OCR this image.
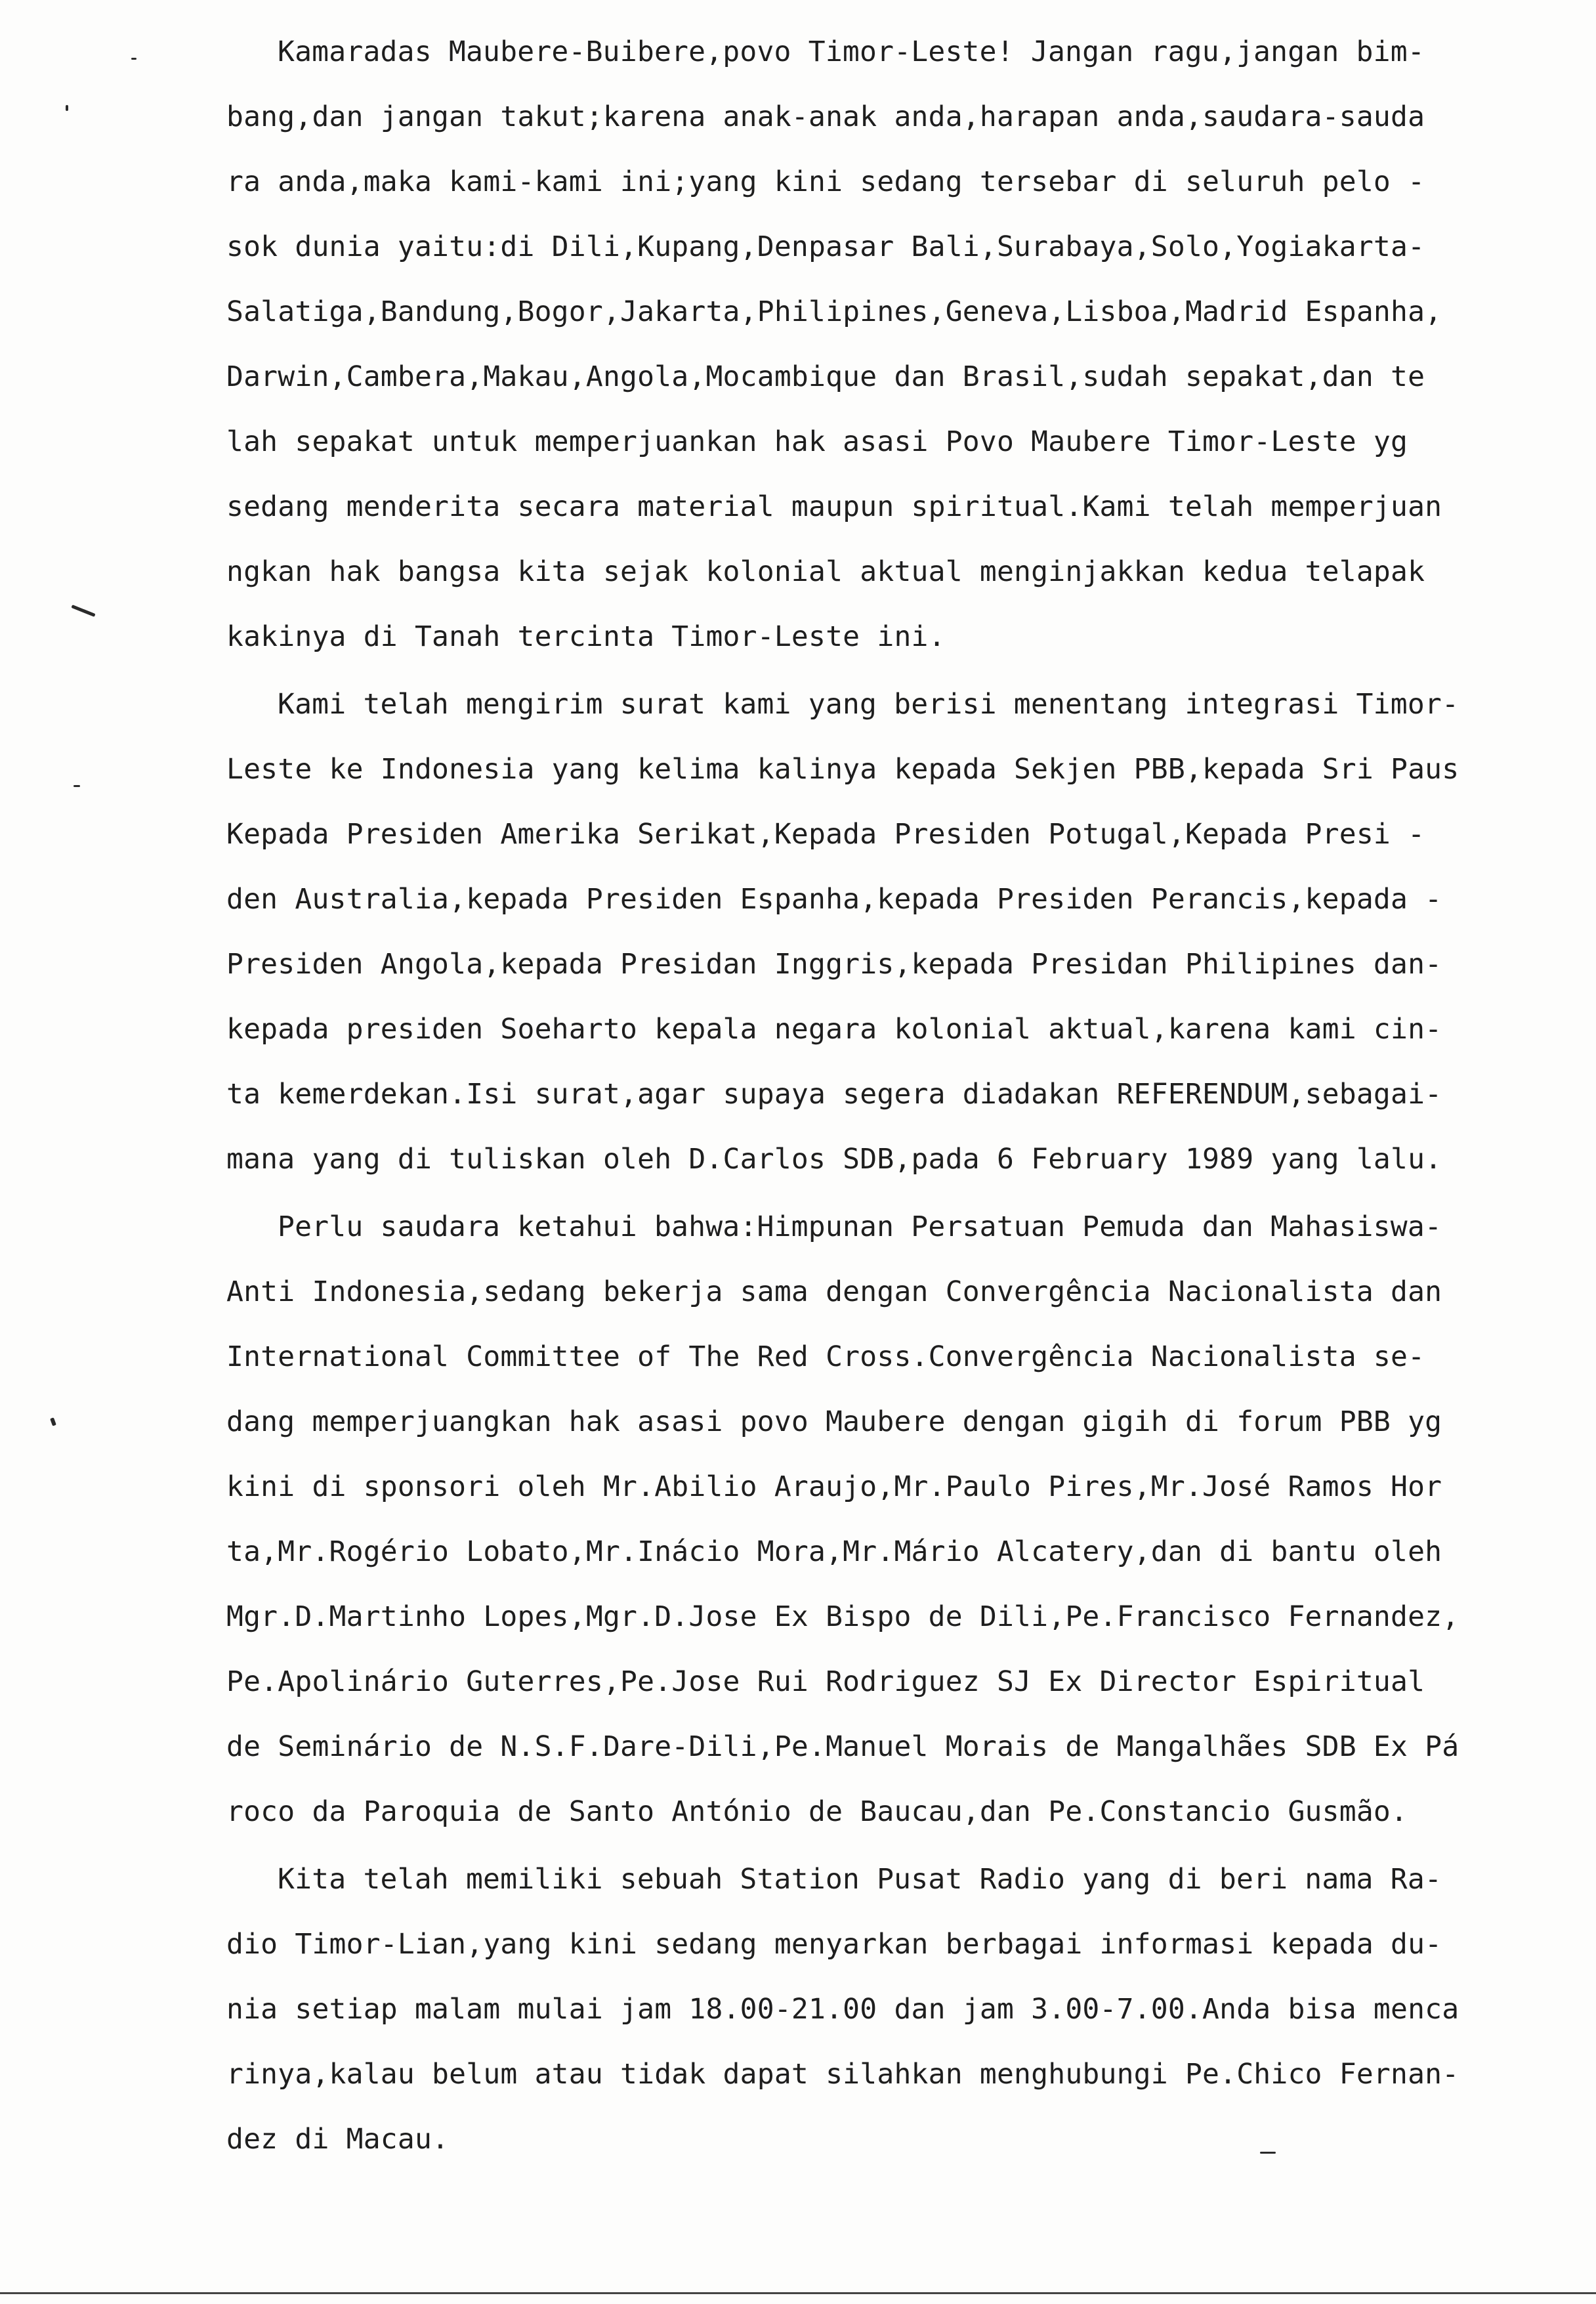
Kamaradas Maubere-Buibere,povo Timor-Leste! Jangan ragu,jangan bim-
bang,dan jangan takut;karena anak-anak anda,harapan anda,saudara-sauda
ra anda,maka kami-kami ini;yang kini sedang tersebar di seluruh pelo -
sok dunia yaitu:di Dili,Kupang,Denpasar Bali,Surabaya,Solo,Yogiakarta-
Salatiga,Bandung,Bogor,Jakarta,Philipines,Geneva,Lisboa,Madrid Espanha,
Darwin,Cambera,Makau,Angola,Mocambique dan Brasil,sudah sepakat,dan te
lah sepakat untuk memperjuankan hak asasi Povo Maubere Timor-Leste yg
sedang menderita secara material maupun spiritual.Kami telah memperjuan
ngkan hak bangsa kita sejak kolonial aktual menginjakkan kedua telapak
kakinya di Tanah tercinta Timor-Leste ini.
Kami telah mengirim surat kami yang berisi menentang integrasi Timor-
Leste ke Indonesia yang kelima kalinya kepada Sekjen PBB,kepada Sri Paus
Kepada Presiden Amerika Serikat,Kepada Presiden Potugal,Kepada Presi -
den Australia,kepada Presiden Espanha,kepada Presiden Perancis,kepada -
Presiden Angola,kepada Presidan Inggris,kepada Presidan Philipines dan-
kepada presiden Soeharto kepala negara kolonial aktual,karena kami cin-
ta kemerdekan.Isi surat,agar supaya segera diadakan REFERENDUM,sebagai-
mana yang di tuliskan oleh D.Carlos SDB,pada 6 February 1989 yang lalu.
Perlu saudara ketahui bahwa:Himpunan Persatuan Pemuda dan Mahasiswa-
Anti Indonesia,sedang bekerja sama dengan Convergência Nacionalista dan
International Committee of The Red Cross.Convergência Nacionalista se-
dang memperjuangkan hak asasi povo Maubere dengan gigih di forum PBB yg
kini di sponsori oleh Mr.Abilio Araujo,Mr.Paulo Pires,Mr.José Ramos Hor
ta,Mr.Rogério Lobato,Mr.Inácio Mora,Mr.Mário Alcatery,dan di bantu oleh
Mgr.D.Martinho Lopes,Mgr.D.Jose Ex Bispo de Dili,Pe.Francisco Fernandez,
Pe.Apolinário Guterres,Pe.Jose Rui Rodriguez SJ Ex Director Espiritual
de Seminário de N.S.F.Dare-Dili,Pe.Manuel Morais de Mangalhães SDB Ex Pá
roco da Paroquia de Santo António de Baucau,dan Pe.Constancio Gusmão.
Kita telah memiliki sebuah Station Pusat Radio yang di beri nama Ra-
dio Timor-Lian,yang kini sedang menyarkan berbagai informasi kepada du-
nia setiap malam mulai jam 18.00-21.00 dan jam 3.00-7.00.Anda bisa menca
rinya,kalau belum atau tidak dapat silahkan menghubungi Pe.Chico Fernan-
dez di Macau.
